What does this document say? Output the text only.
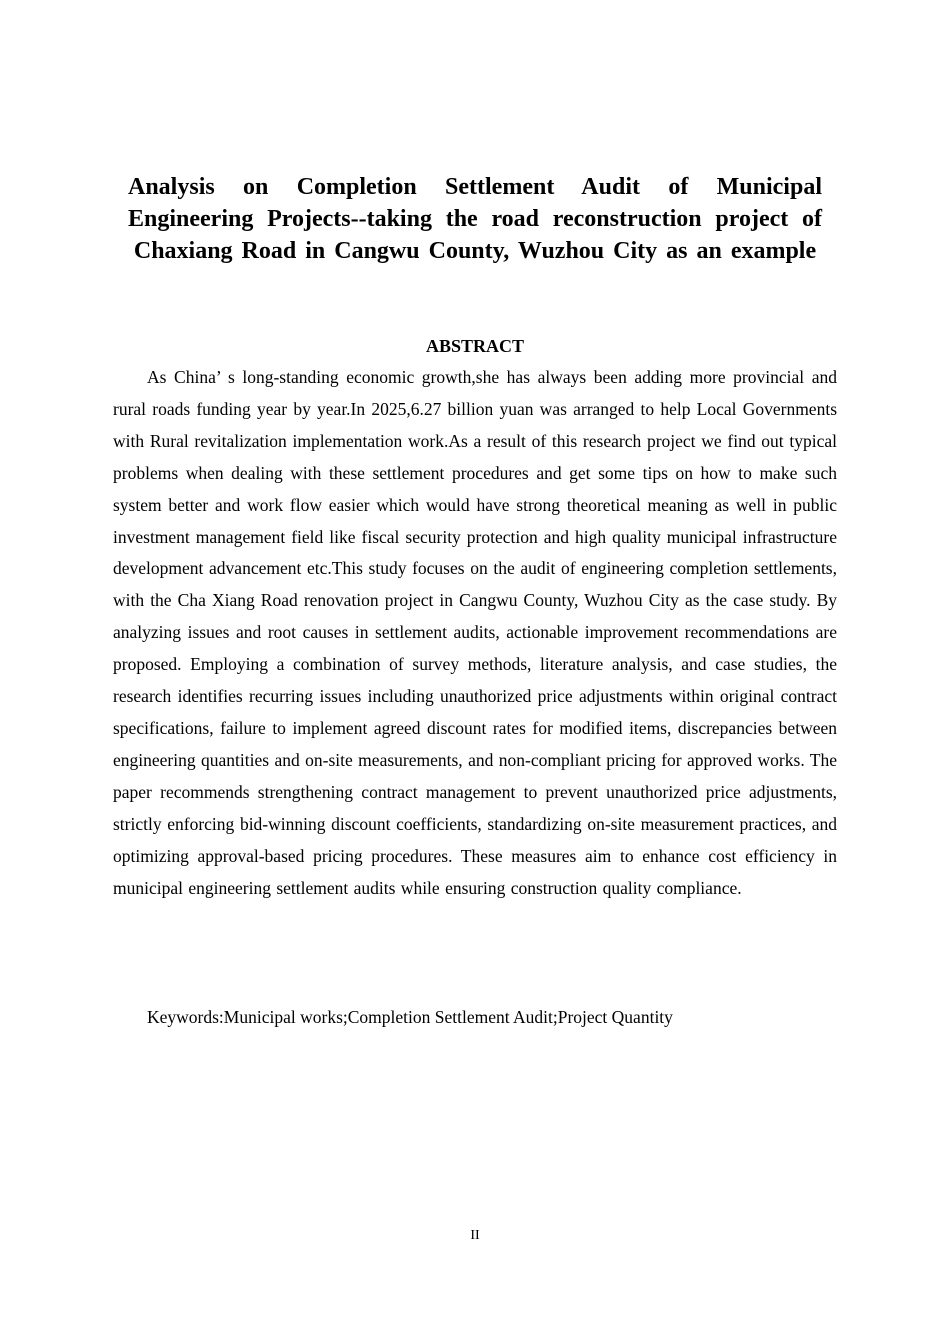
Analysis on Completion Settlement Audit of Municipal Engineering Projects--taking the road reconstruction project of Chaxiang Road in Cangwu County, Wuzhou City as an example
ABSTRACT

As China’ s long-standing economic growth,she has always been adding more provincial and rural roads funding year by year.In 2025,6.27 billion yuan was arranged to help Local Governments with Rural revitalization implementation work.As a result of this research project we find out typical problems when dealing with these settlement procedures and get some tips on how to make such system better and work flow easier which would have strong theoretical meaning as well in public investment management field like fiscal security protection and high quality municipal infrastructure development advancement etc.This study focuses on the audit of engineering completion settlements, with the Cha Xiang Road renovation project in Cangwu County, Wuzhou City as the case study. By analyzing issues and root causes in settlement audits, actionable improvement recommendations are proposed. Employing a combination of survey methods, literature analysis, and case studies, the research identifies recurring issues including unauthorized price adjustments within original contract specifications, failure to implement agreed discount rates for modified items, discrepancies between engineering quantities and on-site measurements, and non-compliant pricing for approved works. The paper recommends strengthening contract management to prevent unauthorized price adjustments, strictly enforcing bid-winning discount coefficients, standardizing on-site measurement practices, and optimizing approval-based pricing procedures. These measures aim to enhance cost efficiency in municipal engineering settlement audits while ensuring construction quality compliance.

Keywords:Municipal works;Completion Settlement Audit;Project Quantity

II
